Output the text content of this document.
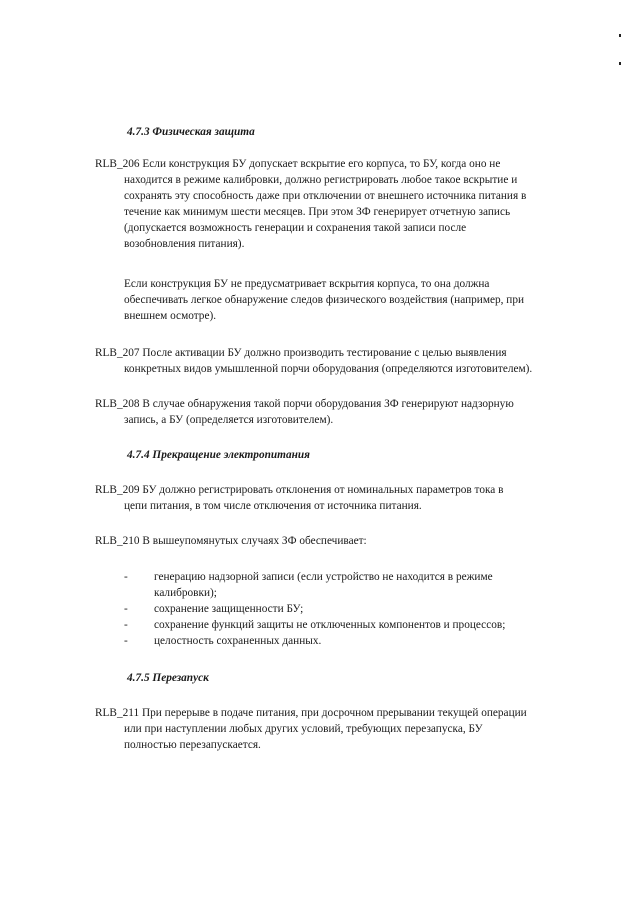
4.7.3 Физическая защита
RLB_206 Если конструкция БУ допускает вскрытие его корпуса, то БУ, когда оно не
находится в режиме калибровки, должно регистрировать любое такое вскрытие и
сохранять эту способность даже при отключении от внешнего источника питания в
течение как минимум шести месяцев. При этом ЗФ генерирует отчетную запись
(допускается возможность генерации и сохранения такой записи после
возобновления питания).
Если конструкция БУ не предусматривает вскрытия корпуса, то она должна
обеспечивать легкое обнаружение следов физического воздействия (например, при
внешнем осмотре).
RLB_207 После активации БУ должно производить тестирование с целью выявления
конкретных видов умышленной порчи оборудования (определяются изготовителем).
RLB_208 В случае обнаружения такой порчи оборудования ЗФ генерируют надзорную
запись, а БУ (определяется изготовителем).
4.7.4 Прекращение электропитания
RLB_209 БУ должно регистрировать отклонения от номинальных параметров тока в
цепи питания, в том числе отключения от источника питания.
RLB_210 В вышеупомянутых случаях ЗФ обеспечивает:
- генерацию надзорной записи (если устройство не находится в режиме
калибровки);
- сохранение защищенности БУ;
- сохранение функций защиты не отключенных компонентов и процессов;
- целостность сохраненных данных.
4.7.5 Перезапуск
RLB_211 При перерыве в подаче питания, при досрочном прерывании текущей операции
или при наступлении любых других условий, требующих перезапуска, БУ
полностью перезапускается.
